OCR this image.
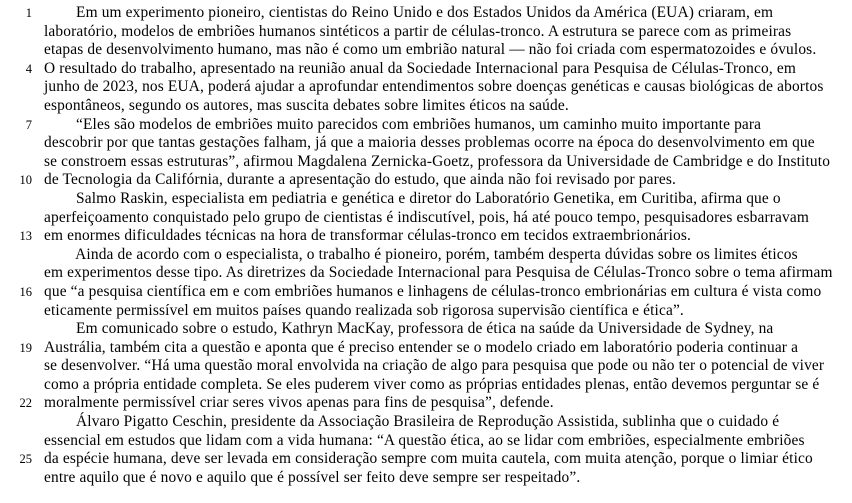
1 Em um experimento pioneiro, cientistas do Reino Unido e dos Estados Unidos da América (EUA) criaram, em
laboratório, modelos de embriões humanos sintéticos a partir de células-tronco. A estrutura se parece com as primeiras
etapas de desenvolvimento humano, mas não é como um embrião natural — não foi criada com espermatozoides e óvulos.
4 O resultado do trabalho, apresentado na reunião anual da Sociedade Internacional para Pesquisa de Células-Tronco, em
junho de 2023, nos EUA, poderá ajudar a aprofundar entendimentos sobre doenças genéticas e causas biológicas de abortos
espontâneos, segundo os autores, mas suscita debates sobre limites éticos na saúde.
7 “Eles são modelos de embriões muito parecidos com embriões humanos, um caminho muito importante para
descobrir por que tantas gestações falham, já que a maioria desses problemas ocorre na época do desenvolvimento em que
se constroem essas estruturas”, afirmou Magdalena Zernicka-Goetz, professora da Universidade de Cambridge e do Instituto
10 de Tecnologia da Califórnia, durante a apresentação do estudo, que ainda não foi revisado por pares.
Salmo Raskin, especialista em pediatria e genética e diretor do Laboratório Genetika, em Curitiba, afirma que o
aperfeiçoamento conquistado pelo grupo de cientistas é indiscutível, pois, há até pouco tempo, pesquisadores esbarravam
13 em enormes dificuldades técnicas na hora de transformar células-tronco em tecidos extraembrionários.
Ainda de acordo com o especialista, o trabalho é pioneiro, porém, também desperta dúvidas sobre os limites éticos
em experimentos desse tipo. As diretrizes da Sociedade Internacional para Pesquisa de Células-Tronco sobre o tema afirmam
16 que “a pesquisa científica em e com embriões humanos e linhagens de células-tronco embrionárias em cultura é vista como
eticamente permissível em muitos países quando realizada sob rigorosa supervisão científica e ética”.
Em comunicado sobre o estudo, Kathryn MacKay, professora de ética na saúde da Universidade de Sydney, na
19 Austrália, também cita a questão e aponta que é preciso entender se o modelo criado em laboratório poderia continuar a
se desenvolver. “Há uma questão moral envolvida na criação de algo para pesquisa que pode ou não ter o potencial de viver
como a própria entidade completa. Se eles puderem viver como as próprias entidades plenas, então devemos perguntar se é
22 moralmente permissível criar seres vivos apenas para fins de pesquisa”, defende.
Álvaro Pigatto Ceschin, presidente da Associação Brasileira de Reprodução Assistida, sublinha que o cuidado é
essencial em estudos que lidam com a vida humana: “A questão ética, ao se lidar com embriões, especialmente embriões
25 da espécie humana, deve ser levada em consideração sempre com muita cautela, com muita atenção, porque o limiar ético
entre aquilo que é novo e aquilo que é possível ser feito deve sempre ser respeitado”.
